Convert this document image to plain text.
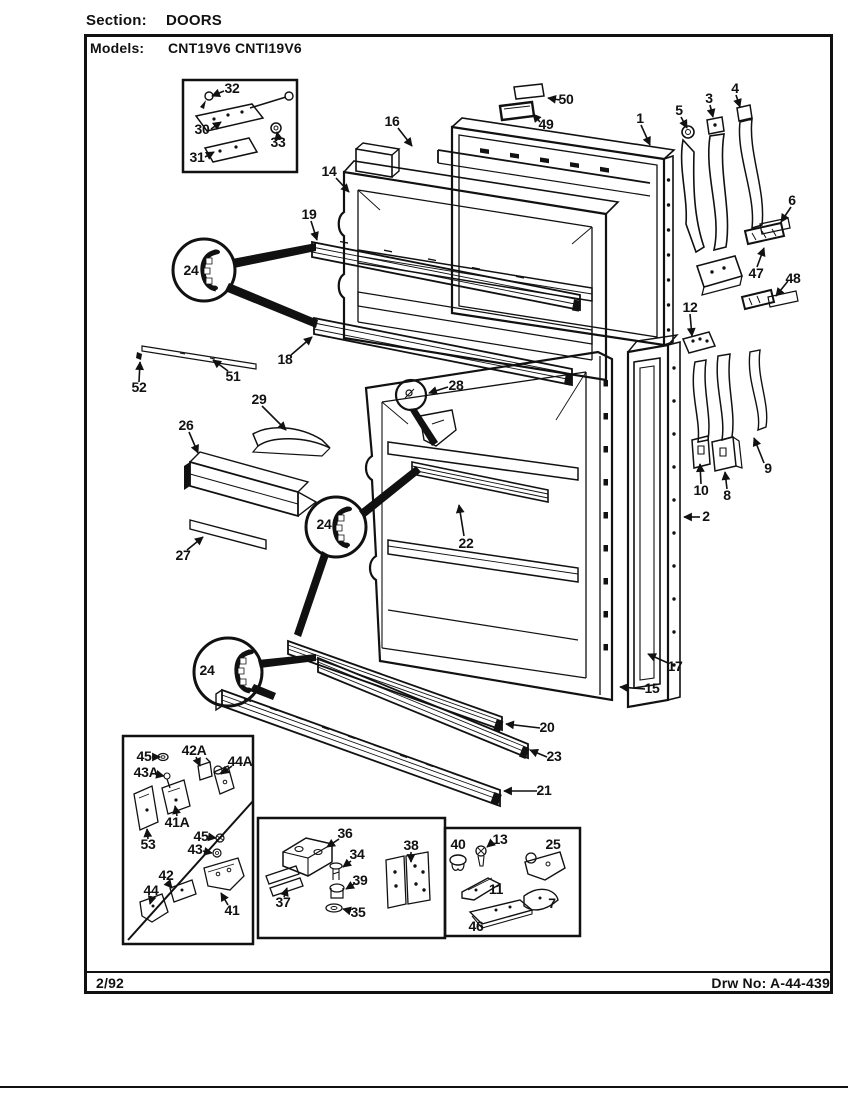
Section: DOORS
Models: CNT19V6 CNTI19V6
2/92	Drw No: A-44-439
32
30
33
31
16
50
49	1
14
19
18
24
52
51
26
29
27
28
22
24
24
5
3
4
6
47 48
12
10 8
9
2
17
15
20
23
21
45 42A
44A
43A
41A
53	45
43
42
44
41
36
34
39
35
37
38 40 13	25
11
7
46
